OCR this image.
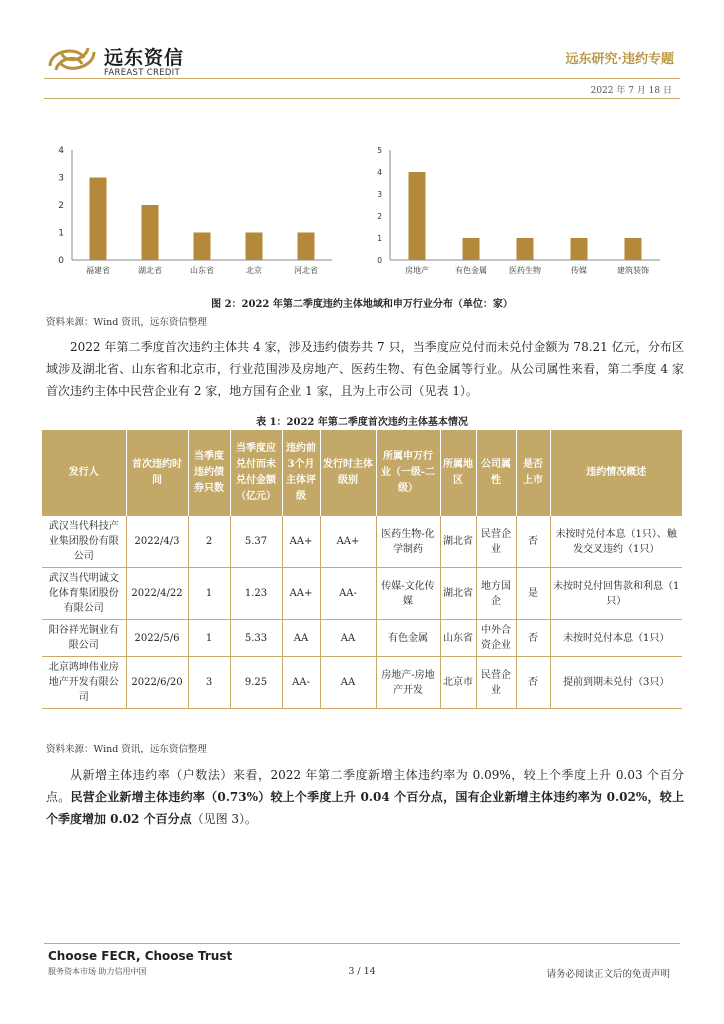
远东资信
FAREAST CREDIT
远东研究·违约专题
2022 年 7 月 18 日
0
1
2
3
4
福建省	湖北省	山东省	北京	河北省
0
1
2
3
4
5
房地产	有色金属	医药生物	传媒	建筑装饰
图 2：2022 年第二季度违约主体地域和申万行业分布（单位：家）
资料来源：Wind 资讯，远东资信整理

2022 年第二季度首次违约主体共 4 家，涉及违约债券共 7 只，当季度应兑付而未兑付金额为 78.21 亿元，分布区域涉及湖北省、山东省和北京市，行业范围涉及房地产、医药生物、有色金属等行业。从公司属性来看，第二季度 4 家首次违约主体中民营企业有 2 家，地方国有企业 1 家，且为上市公司（见表 1）。

表 1：2022 年第二季度首次违约主体基本情况
发行人	首次违约时间	当季度违约债券只数	当季度应兑付而未兑付金额（亿元）	违约前3个月主体评级	发行时主体级别	所属申万行业（一级-二级）	所属地区	公司属性	是否上市	违约情况概述
武汉当代科技产业集团股份有限公司	2022/4/3	2	5.37	AA+	AA+	医药生物-化学制药	湖北省	民营企业	否	未按时兑付本息（1只）、触发交叉违约（1只）
武汉当代明诚文化体育集团股份有限公司	2022/4/22	1	1.23	AA+	AA-	传媒-文化传媒	湖北省	地方国企	是	未按时兑付回售款和利息（1只）
阳谷祥光铜业有限公司	2022/5/6	1	5.33	AA	AA	有色金属	山东省	中外合资企业	否	未按时兑付本息（1只）
北京鸿坤伟业房地产开发有限公司	2022/6/20	3	9.25	AA-	AA	房地产-房地产开发	北京市	民营企业	否	提前到期未兑付（3只）
资料来源：Wind 资讯，远东资信整理

从新增主体违约率（户数法）来看，2022 年第二季度新增主体违约率为 0.09%，较上个季度上升 0.03 个百分点。民营企业新增主体违约率（0.73%）较上个季度上升 0.04 个百分点，国有企业新增主体违约率为 0.02%，较上个季度增加 0.02 个百分点（见图 3）。

Choose FECR, Choose Trust
服务资本市场 助力信用中国	3 / 14	请务必阅读正文后的免责声明
